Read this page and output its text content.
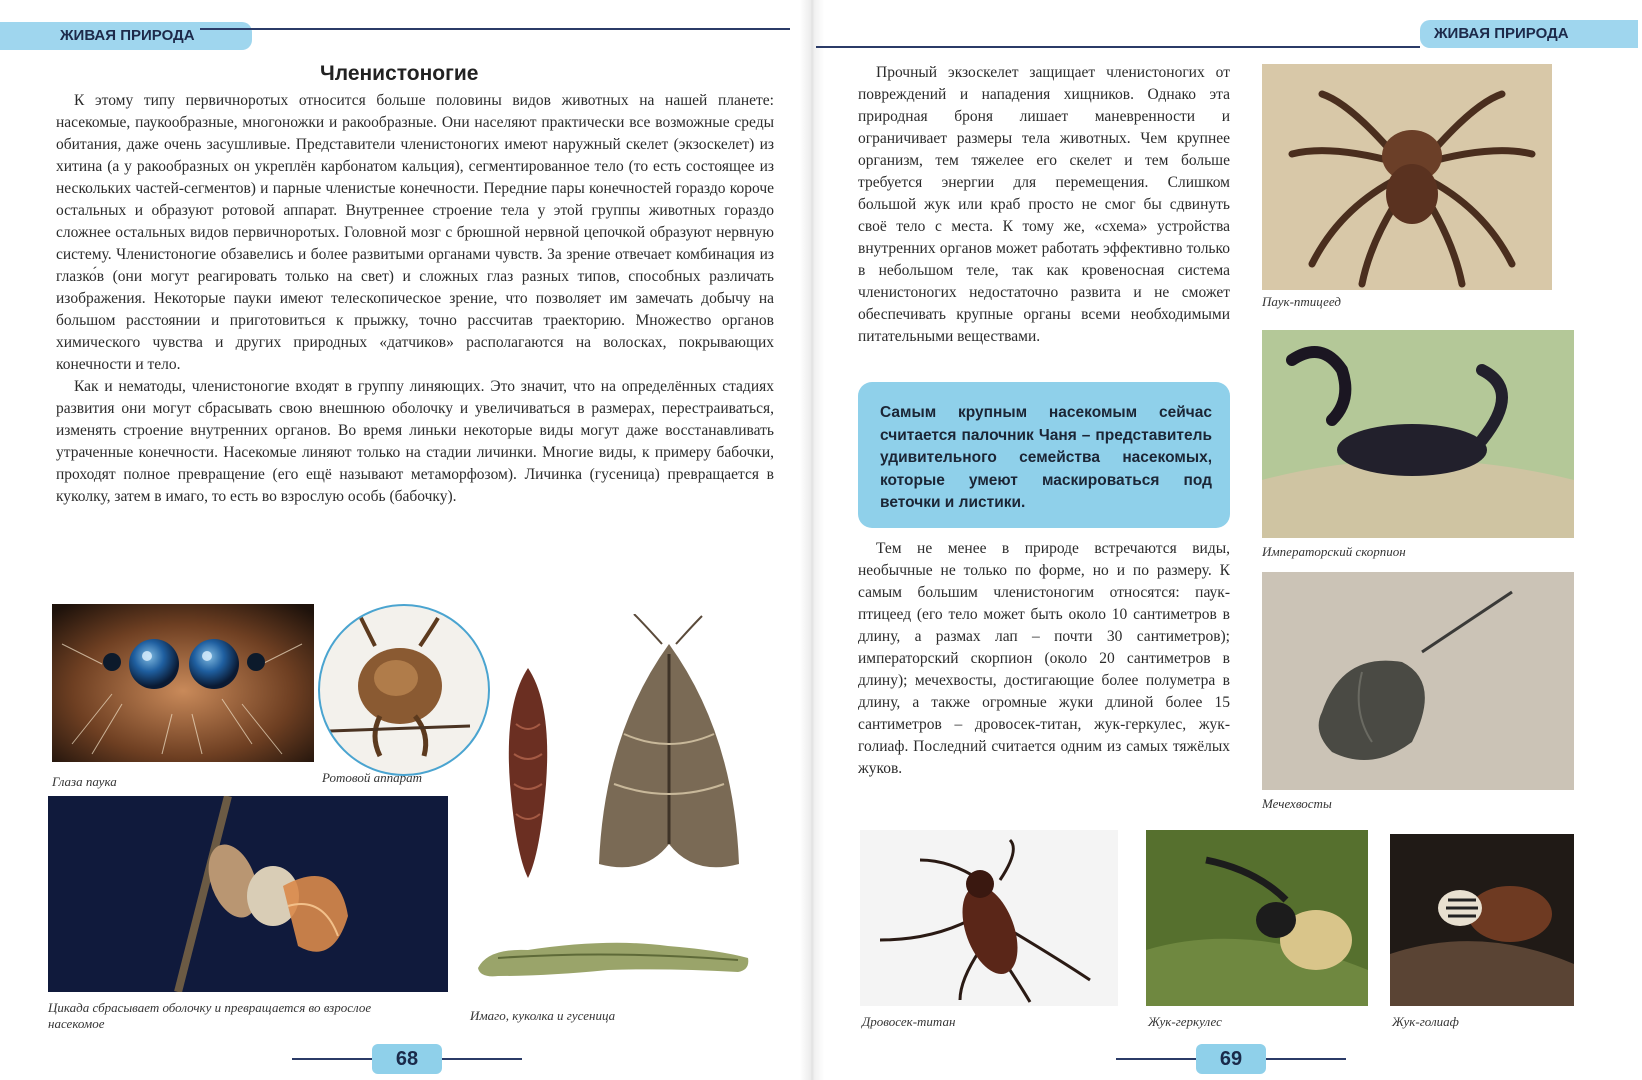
ЖИВАЯ ПРИРОДА
Членистоногие

К этому типу первичноротых относится больше половины видов животных на нашей планете: насекомые, паукообразные, многоножки и ракообразные. Они населяют практически все возможные среды обитания, даже очень засушливые. Представители членистоногих имеют наружный скелет (экзоскелет) из хитина (а у ракообразных он укреплён карбонатом кальция), сегментированное тело (то есть состоящее из нескольких частей-сегментов) и парные членистые конечности. Передние пары конечностей гораздо короче остальных и образуют ротовой аппарат. Внутреннее строение тела у этой группы животных гораздо сложнее остальных видов первичноротых. Головной мозг с брюшной нервной цепочкой образуют нервную систему. Членистоногие обзавелись и более развитыми органами чувств. За зрение отвечает комбинация из глазко́в (они могут реагировать только на свет) и сложных глаз разных типов, способных различать изображения. Некоторые пауки имеют телескопическое зрение, что позволяет им замечать добычу на большом расстоянии и приготовиться к прыжку, точно рассчитав траекторию. Множество органов химического чувства и других природных «датчиков» располагаются на волосках, покрывающих конечности и тело.

Как и нематоды, членистоногие входят в группу линяющих. Это значит, что на определённых стадиях развития они могут сбрасывать свою внешнюю оболочку и увеличиваться в размерах, перестраиваться, изменять строение внутренних органов. Во время линьки некоторые виды могут даже восстанавливать утраченные конечности. Насекомые линяют только на стадии личинки. Многие виды, к примеру бабочки, проходят полное превращение (его ещё называют метаморфозом). Личинка (гусеница) превращается в куколку, затем в имаго, то есть во взрослую особь (бабочку).

Глаза паука	Ротовой аппарат
Цикада сбрасывает оболочку и превращается во взрослое насекомое
Имаго, куколка и гусеница
68
ЖИВАЯ ПРИРОДА

Прочный экзоскелет защищает членистоногих от повреждений и нападения хищников. Однако эта природная броня лишает маневренности и ограничивает размеры тела животных. Чем крупнее организм, тем тяжелее его скелет и тем больше требуется энергии для перемещения. Слишком большой жук или краб просто не смог бы сдвинуть своё тело с места. К тому же, «схема» устройства внутренних органов может работать эффективно только в небольшом теле, так как кровеносная система членистоногих недостаточно развита и не сможет обеспечивать крупные органы всеми необходимыми питательными веществами.

Самым крупным насекомым сейчас считается палочник Чаня – представитель удивительного семейства насекомых, которые умеют маскироваться под веточки и листики.

Тем не менее в природе встречаются виды, необычные не только по форме, но и по размеру. К самым большим членистоногим относятся: паук-птицеед (его тело может быть около 10 сантиметров в длину, а размах лап – почти 30 сантиметров); императорский скорпион (около 20 сантиметров в длину); мечехвосты, достигающие более полуметра в длину, а также огромные жуки длиной более 15 сантиметров – дровосек-титан, жук-геркулес, жук-голиаф. Последний считается одним из самых тяжёлых жуков.

Паук-птицеед
Императорский скорпион
Мечехвосты
Дровосек-титан	Жук-геркулес	Жук-голиаф
69
